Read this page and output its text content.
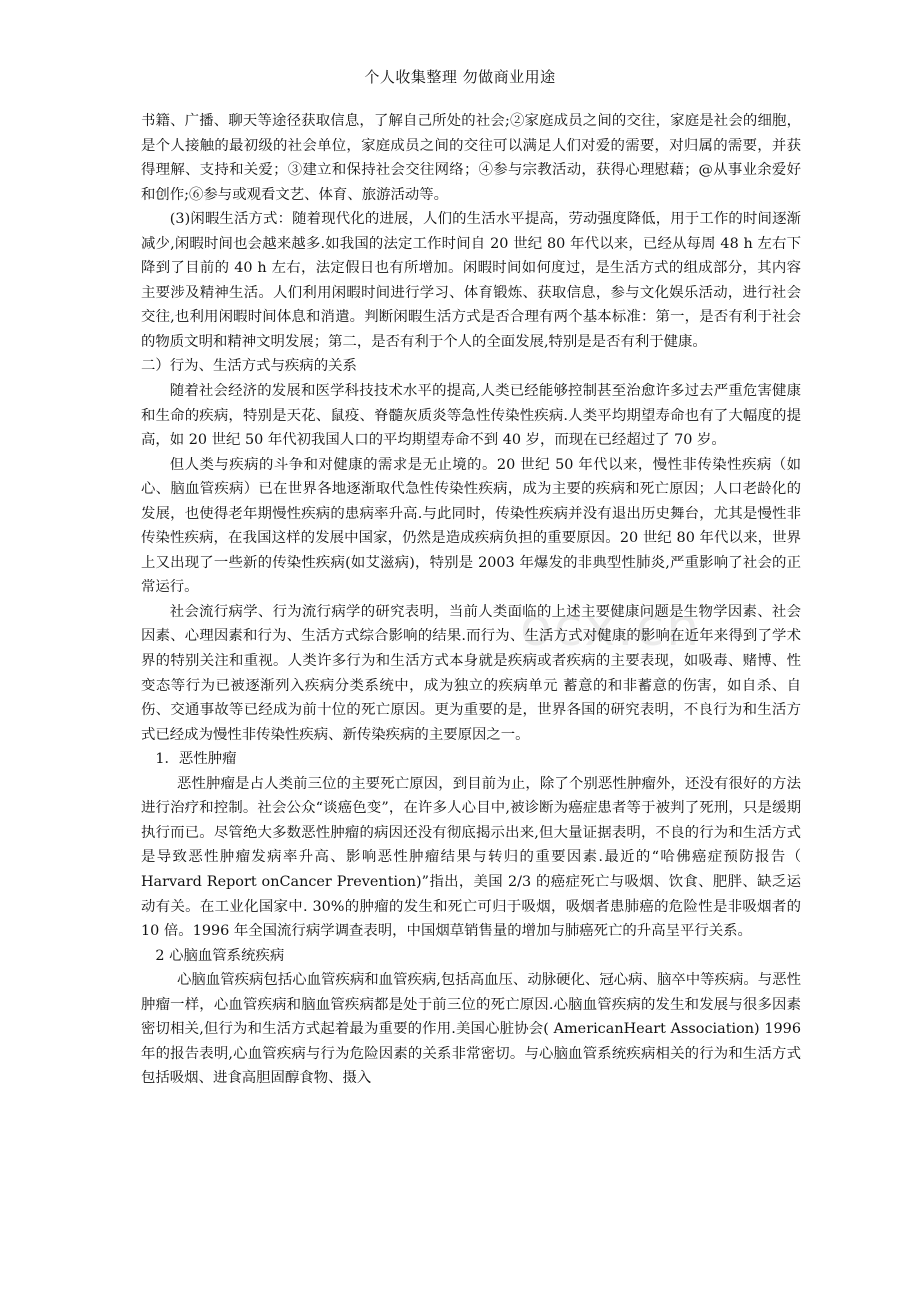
个人收集整理 勿做商业用途
ocx.cn

书籍、广播、聊天等途径获取信息，了解自己所处的社会;②家庭成员之间的交往，家庭是社会的细胞，是个人接触的最初级的社会单位，家庭成员之间的交往可以满足人们对爱的需要，对归属的需要，并获得理解、支持和关爱；③建立和保持社会交往网络；④参与宗教活动，获得心理慰藉；@从事业余爱好和创作;⑥参与或观看文艺、体育、旅游活动等。

(3)闲暇生活方式：随着现代化的进展，人们的生活水平提高，劳动强度降低，用于工作的时间逐渐减少,闲暇时间也会越来越多.如我国的法定工作时间自 20 世纪 80 年代以来，已经从每周 48 h 左右下降到了目前的 40 h 左右，法定假日也有所增加。闲暇时间如何度过，是生活方式的组成部分，其内容主要涉及精神生活。人们利用闲暇时间进行学习、体育锻炼、获取信息，参与文化娱乐活动，进行社会交往,也利用闲暇时间体息和消遣。判断闲暇生活方式是否合理有两个基本标准：第一，是否有利于社会的物质文明和精神文明发展；第二，是否有利于个人的全面发展,特别是是否有利于健康。

二）行为、生活方式与疾病的关系

随着社会经济的发展和医学科技技术水平的提高,人类已经能够控制甚至治愈许多过去严重危害健康和生命的疾病，特别是天花、鼠疫、脊髓灰质炎等急性传染性疾病.人类平均期望寿命也有了大幅度的提高，如 20 世纪 50 年代初我国人口的平均期望寿命不到 40 岁，而现在已经超过了 70 岁。

但人类与疾病的斗争和对健康的需求是无止境的。20 世纪 50 年代以来，慢性非传染性疾病（如心、脑血管疾病）已在世界各地逐渐取代急性传染性疾病，成为主要的疾病和死亡原因；人口老龄化的发展，也使得老年期慢性疾病的患病率升高.与此同时，传染性疾病并没有退出历史舞台，尤其是慢性非传染性疾病，在我国这样的发展中国家，仍然是造成疾病负担的重要原因。20 世纪 80 年代以来，世界上又出现了一些新的传染性疾病(如艾滋病)，特别是 2003 年爆发的非典型性肺炎,严重影响了社会的正常运行。

社会流行病学、行为流行病学的研究表明，当前人类面临的上述主要健康问题是生物学因素、社会因素、心理因素和行为、生活方式综合影响的结果.而行为、生活方式对健康的影响在近年来得到了学术界的特别关注和重视。人类许多行为和生活方式本身就是疾病或者疾病的主要表现，如吸毒、赌博、性变态等行为已被逐渐列入疾病分类系统中，成为独立的疾病单元 蓄意的和非蓄意的伤害，如自杀、自伤、交通事故等已经成为前十位的死亡原因。更为重要的是，世界各国的研究表明，不良行为和生活方式已经成为慢性非传染性疾病、新传染疾病的主要原因之一。

1．恶性肿瘤

恶性肿瘤是占人类前三位的主要死亡原因，到目前为止，除了个别恶性肿瘤外，还没有很好的方法进行治疗和控制。社会公众“谈癌色变”，在许多人心目中,被诊断为癌症患者等于被判了死刑，只是缓期执行而已。尽管绝大多数恶性肿瘤的病因还没有彻底揭示出来,但大量证据表明，不良的行为和生活方式是导致恶性肿瘤发病率升高、影响恶性肿瘤结果与转归的重要因素.最近的“哈佛癌症预防报告（ Harvard Report onCancer Prevention)”指出，美国 2/3 的癌症死亡与吸烟、饮食、肥胖、缺乏运动有关。在工业化国家中. 30%的肿瘤的发生和死亡可归于吸烟，吸烟者患肺癌的危险性是非吸烟者的 10 倍。1996 年全国流行病学调查表明，中国烟草销售量的增加与肺癌死亡的升高呈平行关系。

2 心脑血管系统疾病

心脑血管疾病包括心血管疾病和血管疾病,包括高血压、动脉硬化、冠心病、脑卒中等疾病。与恶性肿瘤一样，心血管疾病和脑血管疾病都是处于前三位的死亡原因.心脑血管疾病的发生和发展与很多因素密切相关,但行为和生活方式起着最为重要的作用.美国心脏协会( AmericanHeart Association) 1996 年的报告表明,心血管疾病与行为危险因素的关系非常密切。与心脑血管系统疾病相关的行为和生活方式包括吸烟、进食高胆固醇食物、摄入
